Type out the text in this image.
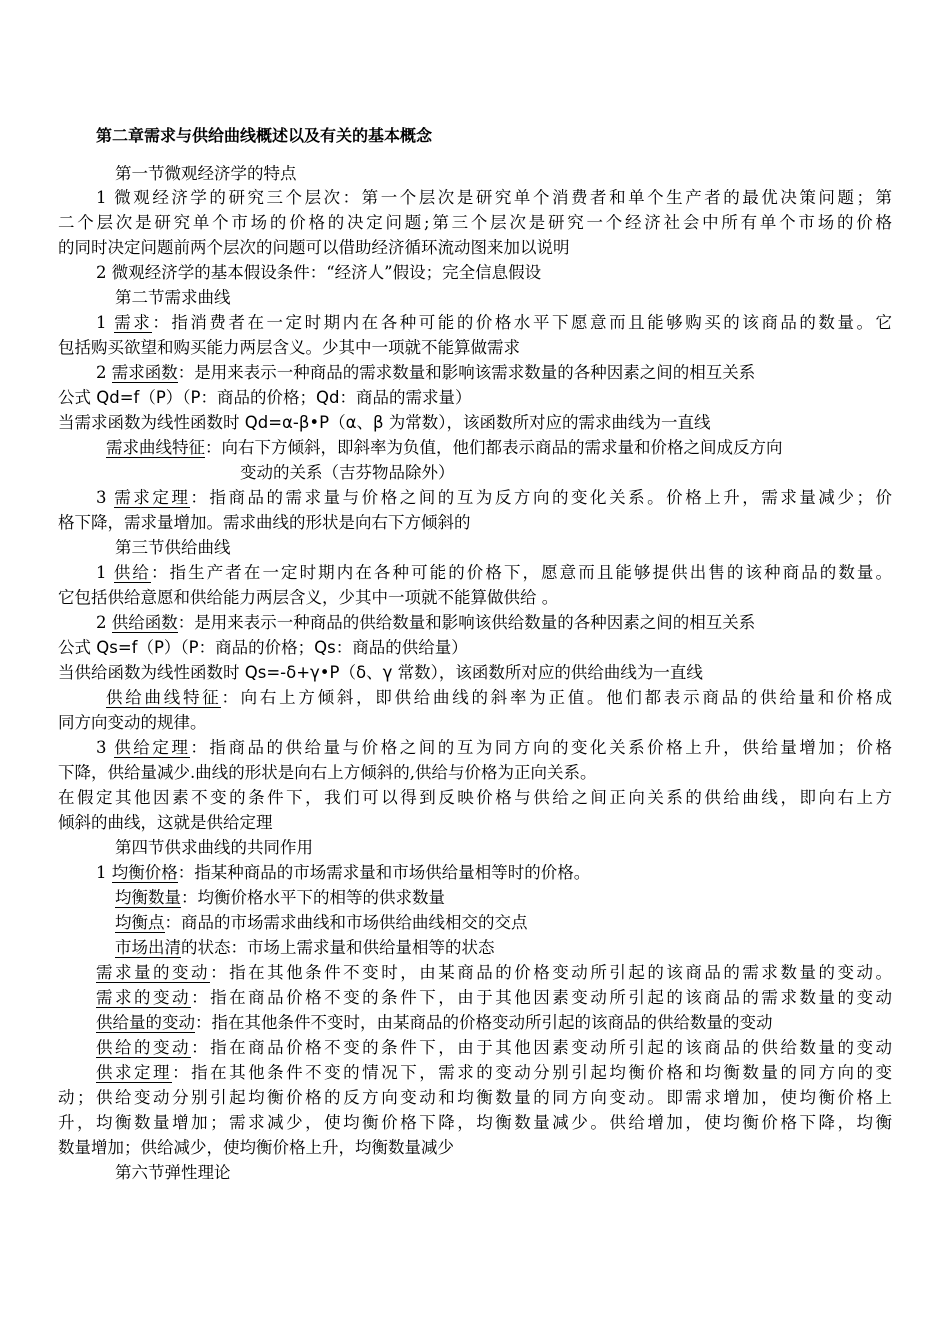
第二章需求与供给曲线概述以及有关的基本概念
第一节微观经济学的特点
1 微观经济学的研究三个层次：第一个层次是研究单个消费者和单个生产者的最优决策问题；第
二个层次是研究单个市场的价格的决定问题;第三个层次是研究一个经济社会中所有单个市场的价格
的同时决定问题前两个层次的问题可以借助经济循环流动图来加以说明
2 微观经济学的基本假设条件：“经济人”假设；完全信息假设
第二节需求曲线
1 需求：指消费者在一定时期内在各种可能的价格水平下愿意而且能够购买的该商品的数量。它
包括购买欲望和购买能力两层含义。少其中一项就不能算做需求
2 需求函数：是用来表示一种商品的需求数量和影响该需求数量的各种因素之间的相互关系
公式 Qd=f（P）（P：商品的价格；Qd：商品的需求量）
当需求函数为线性函数时 Qd=α-β•P（α、β 为常数），该函数所对应的需求曲线为一直线
需求曲线特征：向右下方倾斜，即斜率为负值，他们都表示商品的需求量和价格之间成反方向
变动的关系（吉芬物品除外）
3 需求定理：指商品的需求量与价格之间的互为反方向的变化关系。价格上升，需求量减少；价
格下降，需求量增加。需求曲线的形状是向右下方倾斜的
第三节供给曲线
1 供给：指生产者在一定时期内在各种可能的价格下，愿意而且能够提供出售的该种商品的数量。
它包括供给意愿和供给能力两层含义，少其中一项就不能算做供给 。
2 供给函数：是用来表示一种商品的供给数量和影响该供给数量的各种因素之间的相互关系
公式 Qs=f（P）（P：商品的价格；Qs：商品的供给量）
当供给函数为线性函数时 Qs=-δ+γ•P（δ、γ 常数），该函数所对应的供给曲线为一直线
供给曲线特征：向右上方倾斜，即供给曲线的斜率为正值。他们都表示商品的供给量和价格成
同方向变动的规律。
3 供给定理：指商品的供给量与价格之间的互为同方向的变化关系价格上升，供给量增加；价格
下降，供给量减少.曲线的形状是向右上方倾斜的,供给与价格为正向关系。
在假定其他因素不变的条件下，我们可以得到反映价格与供给之间正向关系的供给曲线，即向右上方
倾斜的曲线，这就是供给定理
第四节供求曲线的共同作用
1 均衡价格：指某种商品的市场需求量和市场供给量相等时的价格。
均衡数量：均衡价格水平下的相等的供求数量
均衡点：商品的市场需求曲线和市场供给曲线相交的交点
市场出清的状态：市场上需求量和供给量相等的状态
需求量的变动：指在其他条件不变时，由某商品的价格变动所引起的该商品的需求数量的变动。
需求的变动：指在商品价格不变的条件下，由于其他因素变动所引起的该商品的需求数量的变动
供给量的变动：指在其他条件不变时，由某商品的价格变动所引起的该商品的供给数量的变动
供给的变动：指在商品价格不变的条件下，由于其他因素变动所引起的该商品的供给数量的变动
供求定理：指在其他条件不变的情况下，需求的变动分别引起均衡价格和均衡数量的同方向的变
动；供给变动分别引起均衡价格的反方向变动和均衡数量的同方向变动。即需求增加，使均衡价格上
升，均衡数量增加；需求减少，使均衡价格下降，均衡数量减少。供给增加，使均衡价格下降，均衡
数量增加；供给减少，使均衡价格上升，均衡数量减少
第六节弹性理论
